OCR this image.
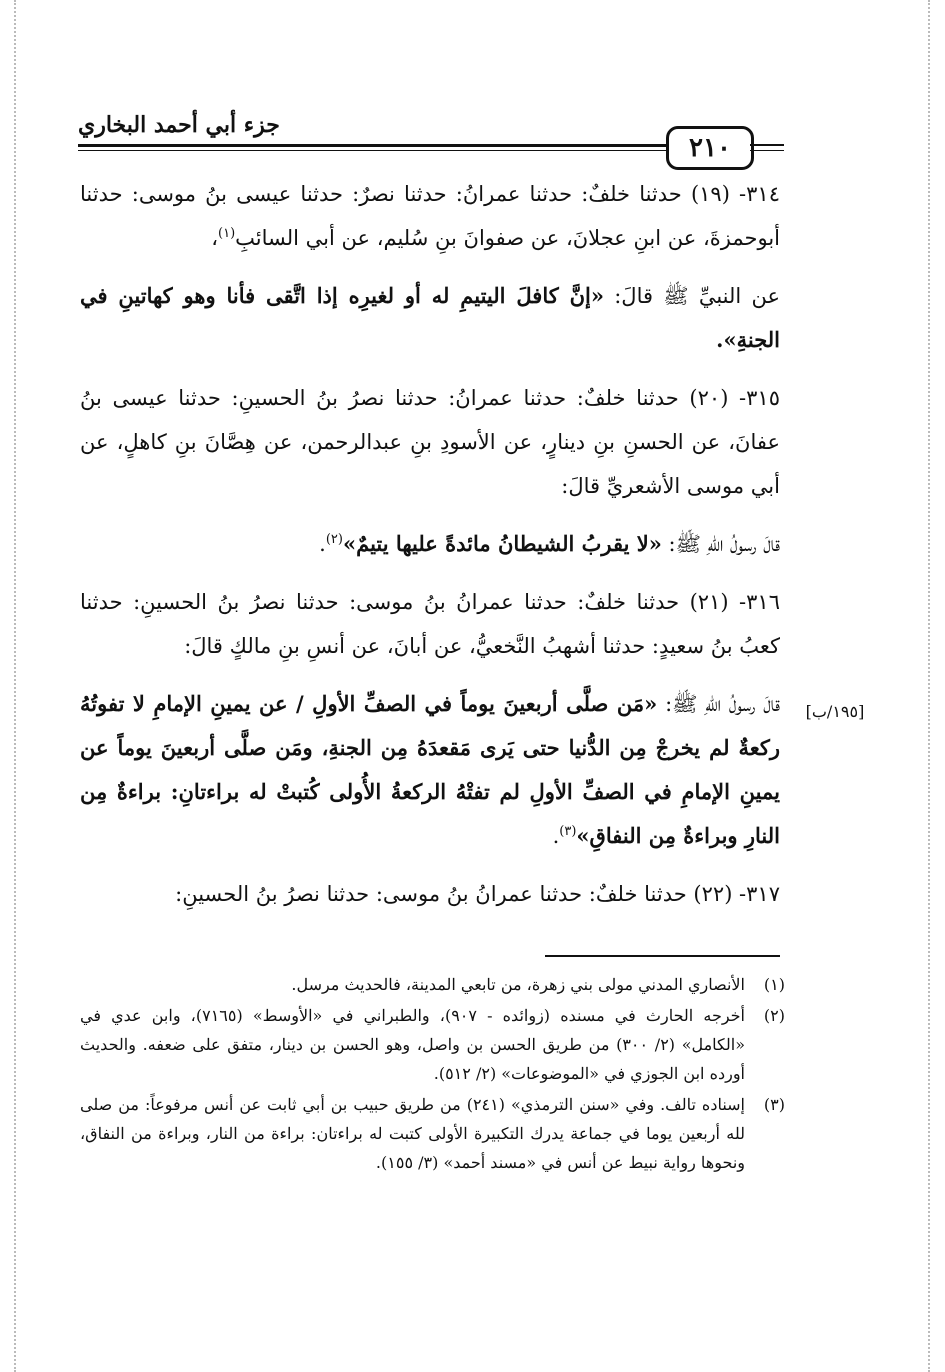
جزء أبي أحمد البخاري
٢١٠

٣١٤- (١٩) حدثنا خلفٌ: حدثنا عمرانُ: حدثنا نصرٌ: حدثنا عيسى بنُ موسى: حدثنا أبوحمزةَ، عن ابنِ عجلانَ، عن صفوانَ بنِ سُليم، عن أبي السائبِ$^{(١)}$،

عن النبيِّ ﷺ قالَ: «إنَّ كافلَ اليتيمِ له أو لغيرِه إذا اتَّقى فأنا وهو كهاتينِ في الجنةِ».

٣١٥- (٢٠) حدثنا خلفٌ: حدثنا عمرانُ: حدثنا نصرُ بنُ الحسينِ: حدثنا عيسى بنُ عفانَ، عن الحسنِ بنِ دينارٍ، عن الأسودِ بنِ عبدالرحمن، عن هِصَّانَ بنِ كاهلٍ، عن أبي موسى الأشعريِّ قالَ:

قالَ رسولُ اللهِ ﷺ: «لا يقربُ الشيطانُ مائدةً عليها يتيمٌ»$^{(٢)}$.

٣١٦- (٢١) حدثنا خلفٌ: حدثنا عمرانُ بنُ موسى: حدثنا نصرُ بنُ الحسينِ: حدثنا كعبُ بنُ سعيدٍ: حدثنا أشهبُ النَّخعيُّ، عن أبانَ، عن أنسِ بنِ مالكٍ قالَ:

قالَ رسولُ اللهِ ﷺ: «مَن صلَّى أربعينَ يوماً في الصفِّ الأولِ / عن يمينِ الإمامِ لا تفوتُهُ ركعةٌ لم يخرجْ مِن الدُّنيا حتى يَرى مَقعدَهُ مِن الجنةِ، ومَن صلَّى أربعينَ يوماً عن يمينِ الإمامِ في الصفِّ الأولِ لم تفتْهُ الركعةُ الأُولى كُتبتْ له براءتانِ: براءةٌ مِن النارِ وبراءةٌ مِن النفاقِ»$^{(٣)}$.

٣١٧- (٢٢) حدثنا خلفٌ: حدثنا عمرانُ بنُ موسى: حدثنا نصرُ بنُ الحسينِ:

[١٩٥/ب]
(١)
الأنصاري المدني مولى بني زهرة، من تابعي المدينة، فالحديث مرسل.
(٢)
أخرجه الحارث في مسنده (زوائده - ٩٠٧)، والطبراني في «الأوسط» (٧١٦٥)، وابن عدي في «الكامل» (٢/ ٣٠٠) من طريق الحسن بن واصل، وهو الحسن بن دينار، متفق على ضعفه. والحديث أورده ابن الجوزي في «الموضوعات» (٢/ ٥١٢).
(٣)
إسناده تالف. وفي «سنن الترمذي» (٢٤١) من طريق حبيب بن أبي ثابت عن أنس مرفوعاً: من صلى لله أربعين يوما في جماعة يدرك التكبيرة الأولى كتبت له براءتان: براءة من النار، وبراءة من النفاق، ونحوها رواية نبيط عن أنس في «مسند أحمد» (٣/ ١٥٥).
